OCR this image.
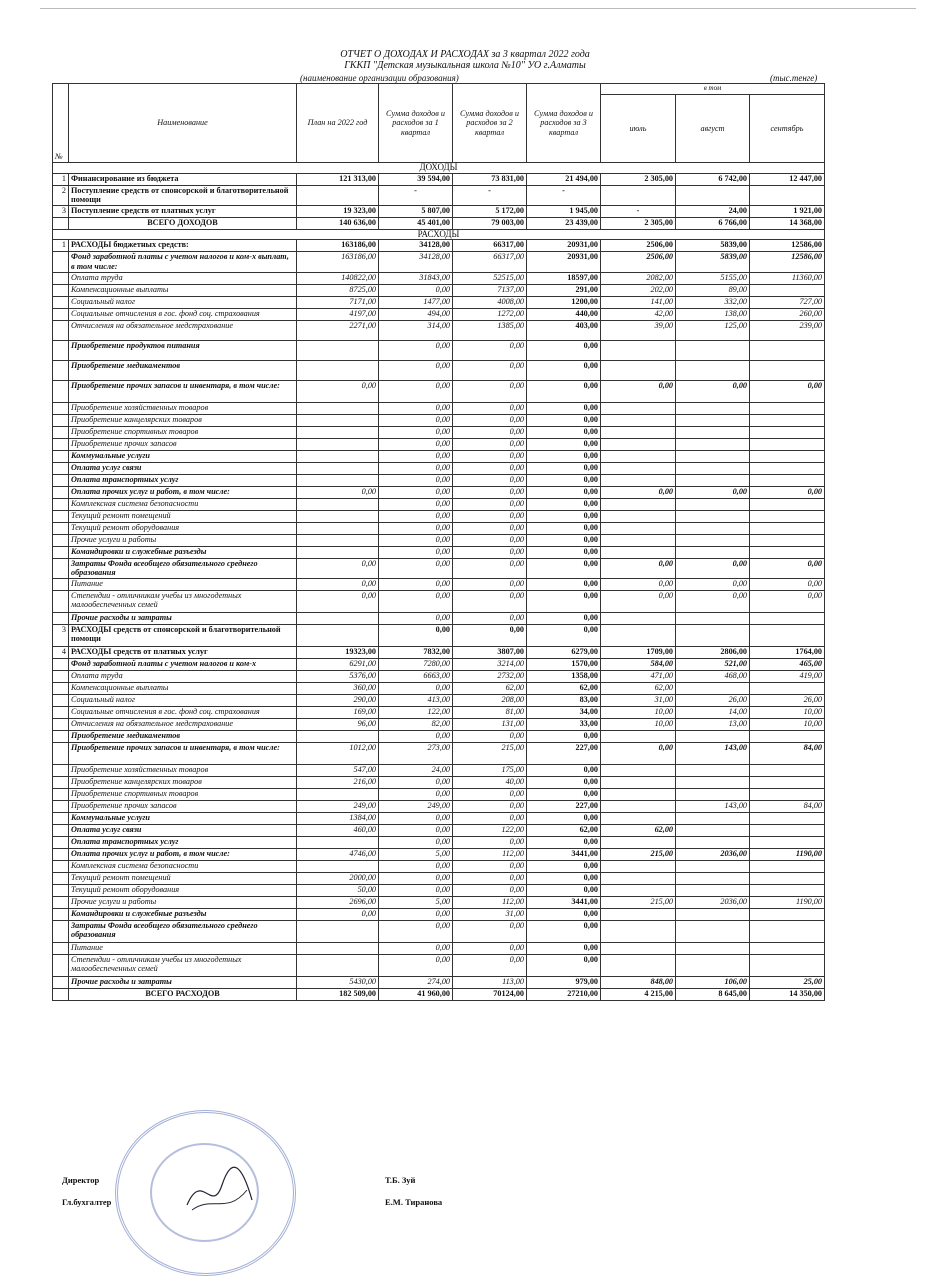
ОТЧЕТ О ДОХОДАХ И РАСХОДАХ за 3 квартал 2022 года
ГККП "Детская музыкальная школа №10" УО г.Алматы
(наименование организации образования)	(тыс.тенге)
№	Наименование	План на 2022 год	Сумма доходов и расходов за 1 квартал	Сумма доходов и расходов за 2 квартал	Сумма доходов и расходов за 3 квартал	в том		
						июль	август	сентябрь
ДОХОДЫ								
1	Финансирование из бюджета	121 313,00	39 594,00	73 831,00	21 494,00	2 305,00	6 742,00	12 447,00
2	Поступление средств от спонсорской и благотворительной помощи		-	-	-			
3	Поступление средств от платных услуг	19 323,00	5 807,00	5 172,00	1 945,00	-	24,00	1 921,00
	ВСЕГО ДОХОДОВ	140 636,00	45 401,00	79 003,00	23 439,00	2 305,00	6 766,00	14 368,00
РАСХОДЫ								
1	РАСХОДЫ бюджетных средств:	163186,00	34128,00	66317,00	20931,00	2506,00	5839,00	12586,00
	Фонд заработной платы с учетом налогов и ком-х выплат, в том числе:	163186,00	34128,00	66317,00	20931,00	2506,00	5839,00	12586,00
	Оплата труда	140822,00	31843,00	52515,00	18597,00	2082,00	5155,00	11360,00
	Компенсационные выплаты	8725,00	0,00	7137,00	291,00	202,00	89,00	
	Социальный налог	7171,00	1477,00	4008,00	1200,00	141,00	332,00	727,00
	Социальные отчисления в гос. фонд соц. страхования	4197,00	494,00	1272,00	440,00	42,00	138,00	260,00
	Отчисления на обязательное медстрахование	2271,00	314,00	1385,00	403,00	39,00	125,00	239,00
	Приобретение продуктов питания		0,00	0,00	0,00			
	Приобретение медикаментов		0,00	0,00	0,00			
	Приобретение прочих запасов и инвентаря, в том числе:	0,00	0,00	0,00	0,00	0,00	0,00	0,00
	Приобретение хозяйственных товаров		0,00	0,00	0,00			
	Приобретение канцелярских товаров		0,00	0,00	0,00			
	Приобретение спортивных товаров		0,00	0,00	0,00			
	Приобретение прочих запасов		0,00	0,00	0,00			
	Коммунальные услуги		0,00	0,00	0,00			
	Оплата услуг связи		0,00	0,00	0,00			
	Оплата транспортных услуг		0,00	0,00	0,00			
	Оплата прочих услуг и работ, в том числе:	0,00	0,00	0,00	0,00	0,00	0,00	0,00
	Комплексная система безопасности		0,00	0,00	0,00			
	Текущий ремонт помещений		0,00	0,00	0,00			
	Текущий ремонт оборудования		0,00	0,00	0,00			
	Прочие услуги и работы		0,00	0,00	0,00			
	Командировки и служебные разъезды		0,00	0,00	0,00			
	Затраты Фонда всеобщего обязательного среднего образования	0,00	0,00	0,00	0,00	0,00	0,00	0,00
	Питание	0,00	0,00	0,00	0,00	0,00	0,00	0,00
	Степендии - отличникам учебы из многодетных малообеспеченных семей	0,00	0,00	0,00	0,00	0,00	0,00	0,00
	Прочие расходы и затраты		0,00	0,00	0,00			
3	РАСХОДЫ средств от спонсорской и благотворительной помощи		0,00	0,00	0,00			
4	РАСХОДЫ средств от платных услуг	19323,00	7832,00	3807,00	6279,00	1709,00	2806,00	1764,00
	Фонд заработной платы с учетом налогов и ком-х	6291,00	7280,00	3214,00	1570,00	584,00	521,00	465,00
	Оплата труда	5376,00	6663,00	2732,00	1358,00	471,00	468,00	419,00
	Компенсационные выплаты	360,00	0,00	62,00	62,00	62,00		
	Социальный налог	290,00	413,00	208,00	83,00	31,00	26,00	26,00
	Социальные отчисления в гос. фонд соц. страхования	169,00	122,00	81,00	34,00	10,00	14,00	10,00
	Отчисления на обязательное медстрахование	96,00	82,00	131,00	33,00	10,00	13,00	10,00
	Приобретение медикаментов		0,00	0,00	0,00			
	Приобретение прочих запасов и инвентаря, в том числе:	1012,00	273,00	215,00	227,00	0,00	143,00	84,00
	Приобретение хозяйственных товаров	547,00	24,00	175,00	0,00			
	Приобретение канцелярских товаров	216,00	0,00	40,00	0,00			
	Приобретение спортивных товаров		0,00	0,00	0,00			
	Приобретение прочих запасов	249,00	249,00	0,00	227,00		143,00	84,00
	Коммунальные услуги	1384,00	0,00	0,00	0,00			
	Оплата услуг связи	460,00	0,00	122,00	62,00	62,00		
	Оплата транспортных услуг		0,00	0,00	0,00			
	Оплата прочих услуг и работ, в том числе:	4746,00	5,00	112,00	3441,00	215,00	2036,00	1190,00
	Комплексная система безопасности		0,00	0,00	0,00			
	Текущий ремонт помещений	2000,00	0,00	0,00	0,00			
	Текущий ремонт оборудования	50,00	0,00	0,00	0,00			
	Прочие услуги и работы	2696,00	5,00	112,00	3441,00	215,00	2036,00	1190,00
	Командировки и служебные разъезды	0,00	0,00	31,00	0,00			
	Затраты Фонда всеобщего обязательного среднего образования		0,00	0,00	0,00			
	Питание		0,00	0,00	0,00			
	Степендии - отличникам учебы из многодетных малообеспеченных семей		0,00	0,00	0,00			
	Прочие расходы и затраты	5430,00	274,00	113,00	979,00	848,00	106,00	25,00
	ВСЕГО РАСХОДОВ	182 509,00	41 960,00	70124,00	27210,00	4 215,00	8 645,00	14 350,00
Директор	Т.Б. Зуй
Гл.бухгалтер	Е.М. Тиранова
